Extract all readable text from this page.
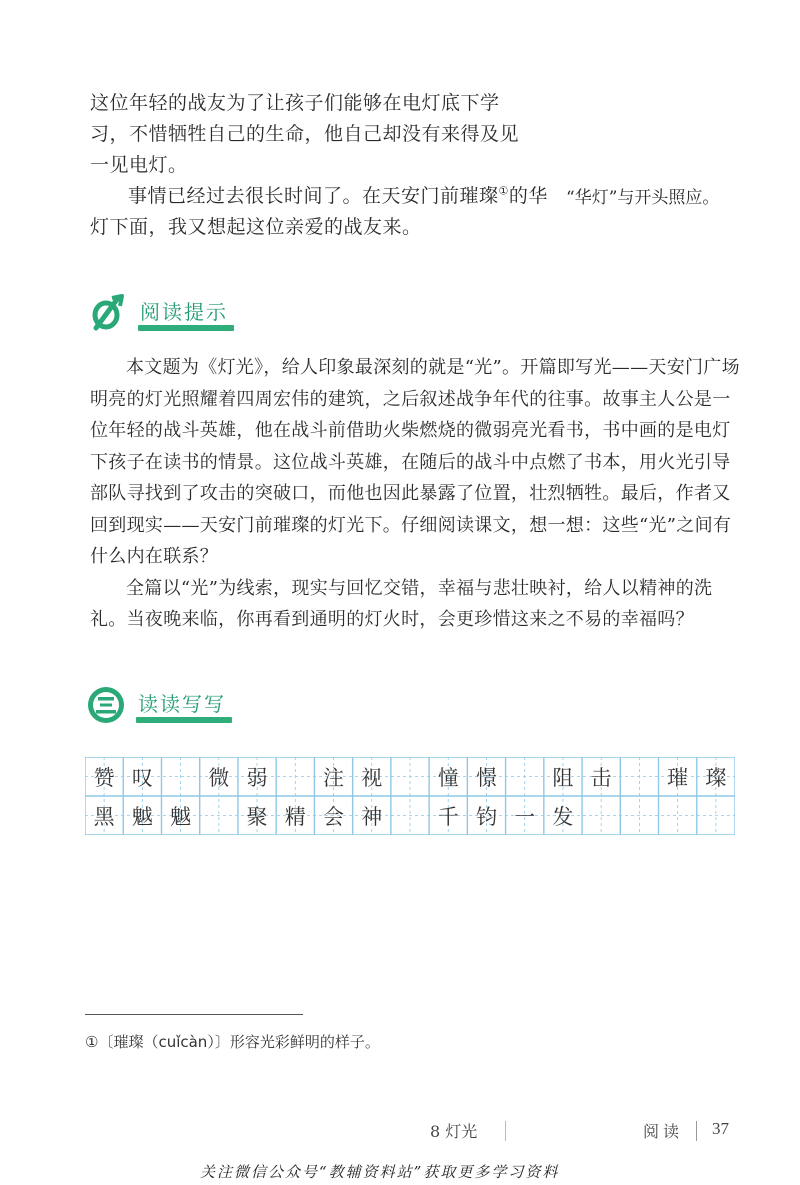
这位年轻的战友为了让孩子们能够在电灯底下学习，不惜牺牲自己的生命，他自己却没有来得及见一见电灯。
事情已经过去很长时间了。在天安门前璀璨①的华灯下面，我又想起这位亲爱的战友来。
“华灯”与开头照应。
阅读提示

本文题为《灯光》，给人印象最深刻的就是“光”。开篇即写光——天安门广场明亮的灯光照耀着四周宏伟的建筑，之后叙述战争年代的往事。故事主人公是一位年轻的战斗英雄，他在战斗前借助火柴燃烧的微弱亮光看书，书中画的是电灯下孩子在读书的情景。这位战斗英雄，在随后的战斗中点燃了书本，用火光引导部队寻找到了攻击的突破口，而他也因此暴露了位置，壮烈牺牲。最后，作者又回到现实——天安门前璀璨的灯光下。仔细阅读课文，想一想：这些“光”之间有什么内在联系？

全篇以“光”为线索，现实与回忆交错，幸福与悲壮映衬，给人以精神的洗礼。当夜晚来临，你再看到通明的灯火时，会更珍惜这来之不易的幸福吗？

读读写写
赞 叹	微 弱	注 视	憧 憬	阻 击	璀 璨
黑 魆 魆	聚 精 会 神	千 钧 一 发
①〔璀璨（cuǐcàn）〕形容光彩鲜明的样子。
8 灯光	阅读 37
关注微信公众号“教辅资料站”获取更多学习资料
